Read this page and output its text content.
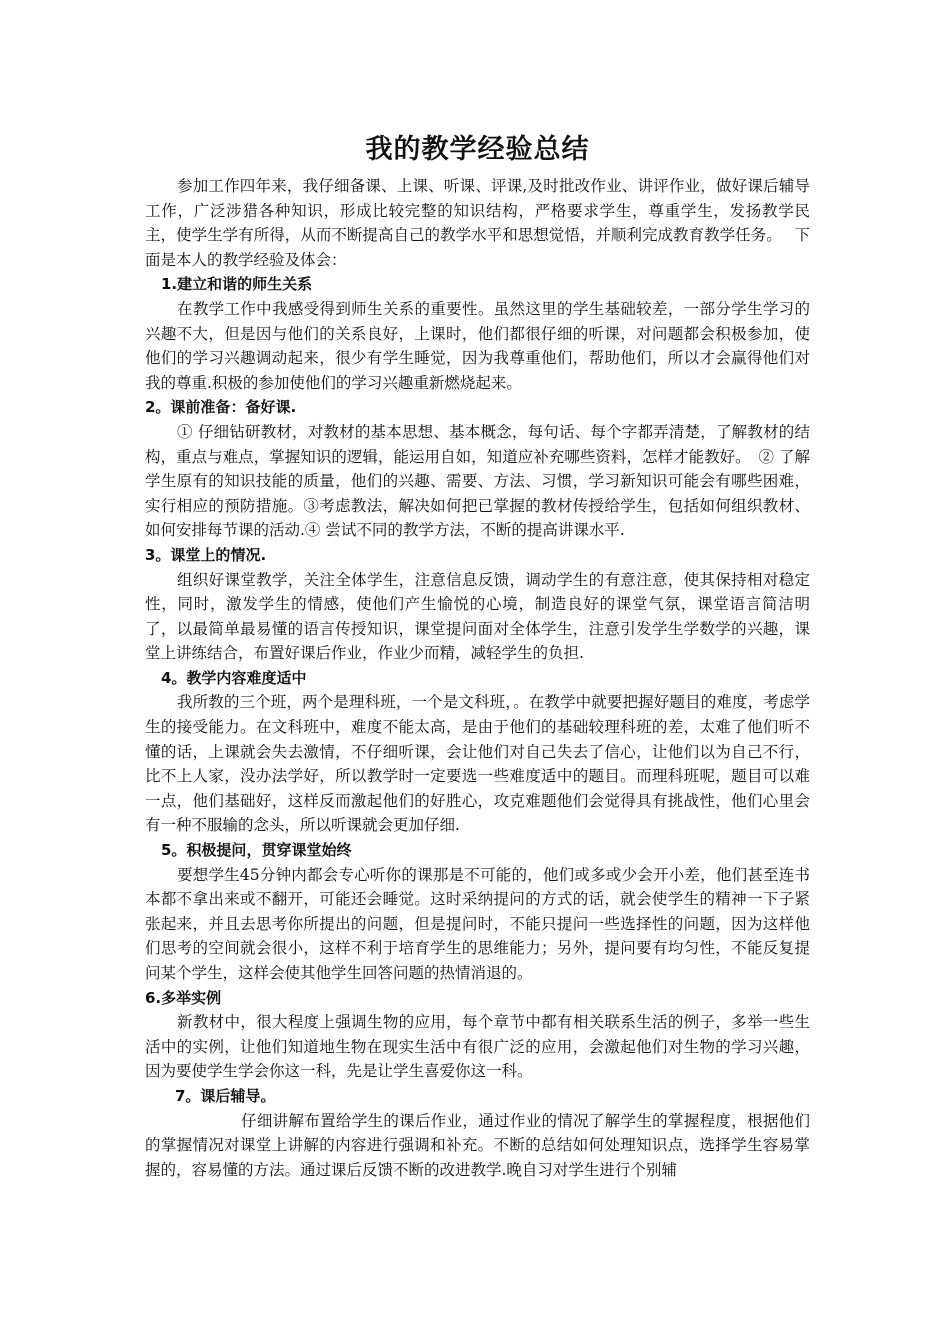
我的教学经验总结

参加工作四年来，我仔细备课、上课、听课、评课,及时批改作业、讲评作业，做好课后辅导工作，广泛涉猎各种知识，形成比较完整的知识结构，严格要求学生，尊重学生，发扬教学民主，使学生学有所得，从而不断提高自己的教学水平和思想觉悟，并顺利完成教育教学任务。　 下面是本人的教学经验及体会：

1.建立和谐的师生关系

在教学工作中我感受得到师生关系的重要性。虽然这里的学生基础较差，一部分学生学习的兴趣不大，但是因与他们的关系良好，上课时，他们都很仔细的听课，对问题都会积极参加，使他们的学习兴趣调动起来，很少有学生睡觉，因为我尊重他们，帮助他们，所以才会赢得他们对我的尊重.积极的参加使他们的学习兴趣重新燃烧起来。

2。课前准备：备好课.

① 仔细钻研教材，对教材的基本思想、基本概念，每句话、每个字都弄清楚，了解教材的结构，重点与难点，掌握知识的逻辑，能运用自如，知道应补充哪些资料，怎样才能教好。　② 了解学生原有的知识技能的质量，他们的兴趣、需要、方法、习惯，学习新知识可能会有哪些困难，实行相应的预防措施。③考虑教法，解决如何把已掌握的教材传授给学生，包括如何组织教材、如何安排每节课的活动.④ 尝试不同的教学方法，不断的提高讲课水平.

3。课堂上的情况.

组织好课堂教学，关注全体学生，注意信息反馈，调动学生的有意注意，使其保持相对稳定性，同时，激发学生的情感，使他们产生愉悦的心境，制造良好的课堂气氛，课堂语言简洁明了，以最简单最易懂的语言传授知识，课堂提问面对全体学生，注意引发学生学数学的兴趣，课堂上讲练结合，布置好课后作业，作业少而精，减轻学生的负担.

4。教学内容难度适中

我所教的三个班，两个是理科班，一个是文科班，。在教学中就要把握好题目的难度，考虑学生的接受能力。在文科班中，难度不能太高，是由于他们的基础较理科班的差，太难了他们听不懂的话，上课就会失去激情，不仔细听课，会让他们对自己失去了信心，让他们以为自己不行，比不上人家，没办法学好，所以教学时一定要选一些难度适中的题目。而理科班呢，题目可以难一点，他们基础好，这样反而激起他们的好胜心，攻克难题他们会觉得具有挑战性，他们心里会有一种不服输的念头，所以听课就会更加仔细.

5。积极提问，贯穿课堂始终

要想学生45分钟内都会专心听你的课那是不可能的，他们或多或少会开小差，他们甚至连书本都不拿出来或不翻开，可能还会睡觉。这时采纳提问的方式的话，就会使学生的精神一下子紧张起来，并且去思考你所提出的问题，但是提问时，不能只提问一些选择性的问题，因为这样他们思考的空间就会很小，这样不利于培育学生的思维能力；另外，提问要有均匀性，不能反复提问某个学生，这样会使其他学生回答问题的热情消退的。

6.多举实例

新教材中，很大程度上强调生物的应用，每个章节中都有相关联系生活的例子，多举一些生活中的实例，让他们知道地生物在现实生活中有很广泛的应用，会激起他们对生物的学习兴趣，因为要使学生学会你这一科，先是让学生喜爱你这一科。

7。课后辅导。

仔细讲解布置给学生的课后作业，通过作业的情况了解学生的掌握程度，根据他们的掌握情况对课堂上讲解的内容进行强调和补充。不断的总结如何处理知识点，选择学生容易掌握的，容易懂的方法。通过课后反馈不断的改进教学.晚自习对学生进行个别辅
